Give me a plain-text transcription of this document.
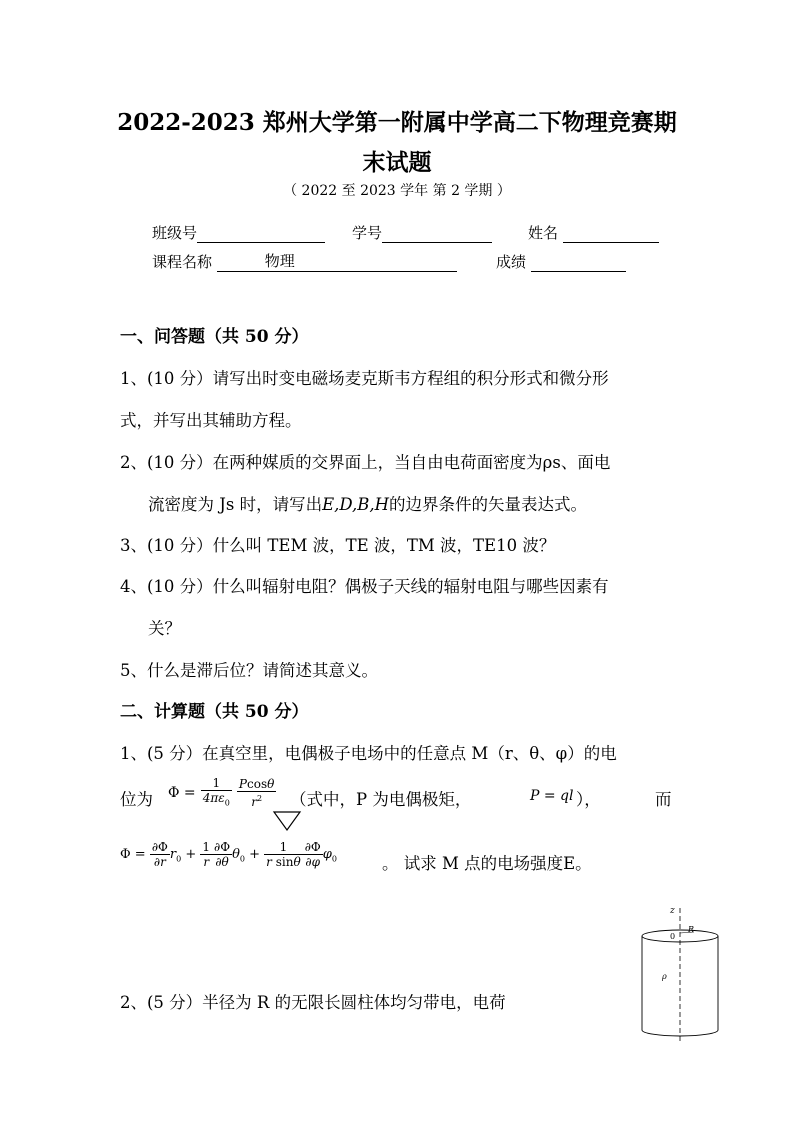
2022-2023 郑州大学第一附属中学高二下物理竞赛期
末试题
（ 2022 至 2023 学年 第 2 学期 ）
班级号	学号	姓名
课程名称	物理	成绩
一、问答题（共 50 分）
1、(10 分）请写出时变电磁场麦克斯韦方程组的积分形式和微分形
式，并写出其辅助方程。
2、(10 分）在两种媒质的交界面上，当自由电荷面密度为ρs、面电
流密度为 Js 时，请写出E,D,B,H的边界条件的矢量表达式。
3、(10 分）什么叫 TEM 波，TE 波，TM 波，TE10 波？
4、(10 分）什么叫辐射电阻？偶极子天线的辐射电阻与哪些因素有
关？
5、什么是滞后位？请简述其意义。
二、计算题（共 50 分）
1、(5 分）在真空里，电偶极子电场中的任意点 M（r、θ、φ）的电
位为 $\Phi = \frac{1}{4\pi\varepsilon_0}$
$\frac{Pcos\theta}{r^2}$ （式中，P 为电偶极矩，	P = ql ），	而
$\Phi = \frac{\partial\Phi}{\partial r} r_0 + \frac{1}{r} \frac{\partial\Phi}{\partial\theta} \theta_0 + \frac{1}{\text{r sinθ}} \frac{\partial\Phi}{\partial\varphi} \varphi_0$	。 试求 M 点的电场强度E。
2、(5 分）半径为 R 的无限长圆柱体均匀带电，电荷
z
R
0
ρ
